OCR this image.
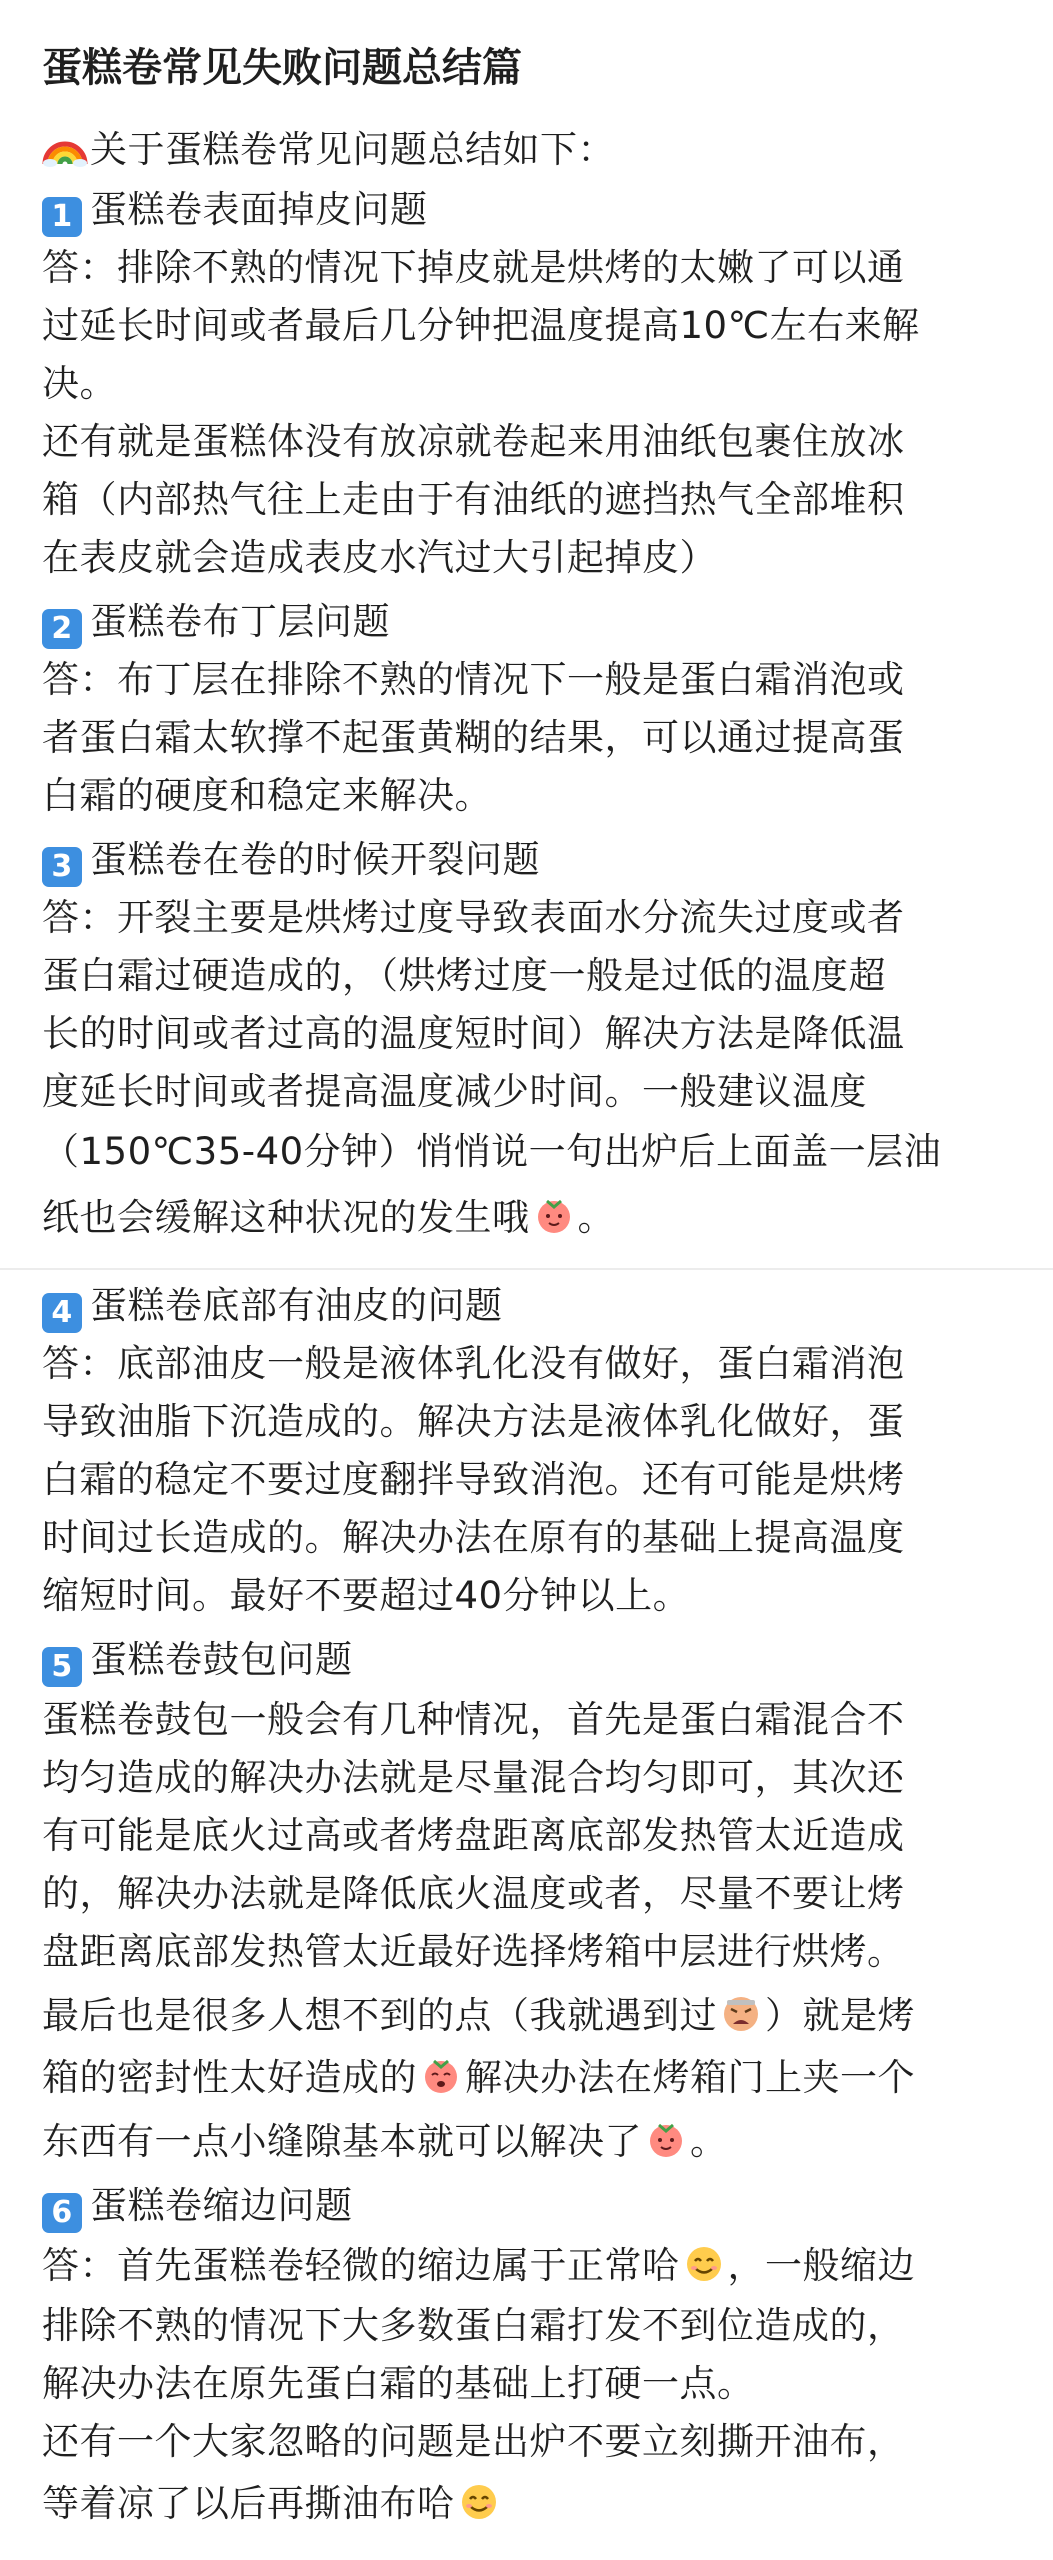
蛋糕卷常见失败问题总结篇
关于蛋糕卷常见问题总结如下：
1 蛋糕卷表面掉皮问题
答：排除不熟的情况下掉皮就是烘烤的太嫩了可以通
过延长时间或者最后几分钟把温度提高10℃左右来解
决。
还有就是蛋糕体没有放凉就卷起来用油纸包裹住放冰
箱（内部热气往上走由于有油纸的遮挡热气全部堆积
在表皮就会造成表皮水汽过大引起掉皮）
2 蛋糕卷布丁层问题
答：布丁层在排除不熟的情况下一般是蛋白霜消泡或
者蛋白霜太软撑不起蛋黄糊的结果，可以通过提高蛋
白霜的硬度和稳定来解决。
3 蛋糕卷在卷的时候开裂问题
答：开裂主要是烘烤过度导致表面水分流失过度或者
蛋白霜过硬造成的，（烘烤过度一般是过低的温度超
长的时间或者过高的温度短时间）解决方法是降低温
度延长时间或者提高温度减少时间。一般建议温度
（150℃35-40分钟）悄悄说一句出炉后上面盖一层油
纸也会缓解这种状况的发生哦 。
4 蛋糕卷底部有油皮的问题
答：底部油皮一般是液体乳化没有做好，蛋白霜消泡
导致油脂下沉造成的。解决方法是液体乳化做好，蛋
白霜的稳定不要过度翻拌导致消泡。还有可能是烘烤
时间过长造成的。解决办法在原有的基础上提高温度
缩短时间。最好不要超过40分钟以上。
5 蛋糕卷鼓包问题
蛋糕卷鼓包一般会有几种情况，首先是蛋白霜混合不
均匀造成的解决办法就是尽量混合均匀即可，其次还
有可能是底火过高或者烤盘距离底部发热管太近造成
的，解决办法就是降低底火温度或者，尽量不要让烤
盘距离底部发热管太近最好选择烤箱中层进行烘烤。
最后也是很多人想不到的点（我就遇到过 ）就是烤
箱的密封性太好造成的 解决办法在烤箱门上夹一个
东西有一点小缝隙基本就可以解决了 。
6 蛋糕卷缩边问题
答：首先蛋糕卷轻微的缩边属于正常哈 ，一般缩边
排除不熟的情况下大多数蛋白霜打发不到位造成的，
解决办法在原先蛋白霜的基础上打硬一点。
还有一个大家忽略的问题是出炉不要立刻撕开油布，
等着凉了以后再撕油布哈
